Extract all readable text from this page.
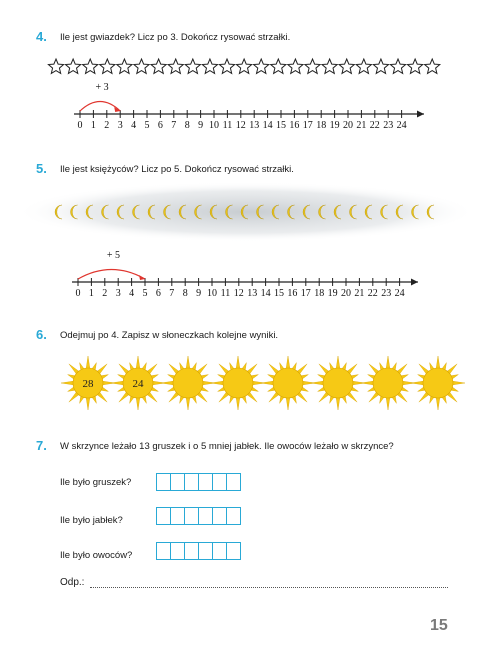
4. Ile jest gwiazdek? Licz po 3. Dokończ rysować strzałki.
0 1 2 3 4 5 6 7 8 9 10 11 12 13 14 15 16 17 18 19 20 21 22 23 24
+ 3
5. Ile jest księżyców? Licz po 5. Dokończ rysować strzałki.
0 1 2 3 4 5 6 7 8 9 10 11 12 13 14 15 16 17 18 19 20 21 22 23 24
+ 5
6. Odejmuj po 4. Zapisz w słoneczkach kolejne wyniki.
28	24
7. W skrzynce leżało 13 gruszek i o 5 mniej jabłek. Ile owoców leżało w skrzynce?
Ile było gruszek?
Ile było jabłek?
Ile było owoców?
Odp.:
15
